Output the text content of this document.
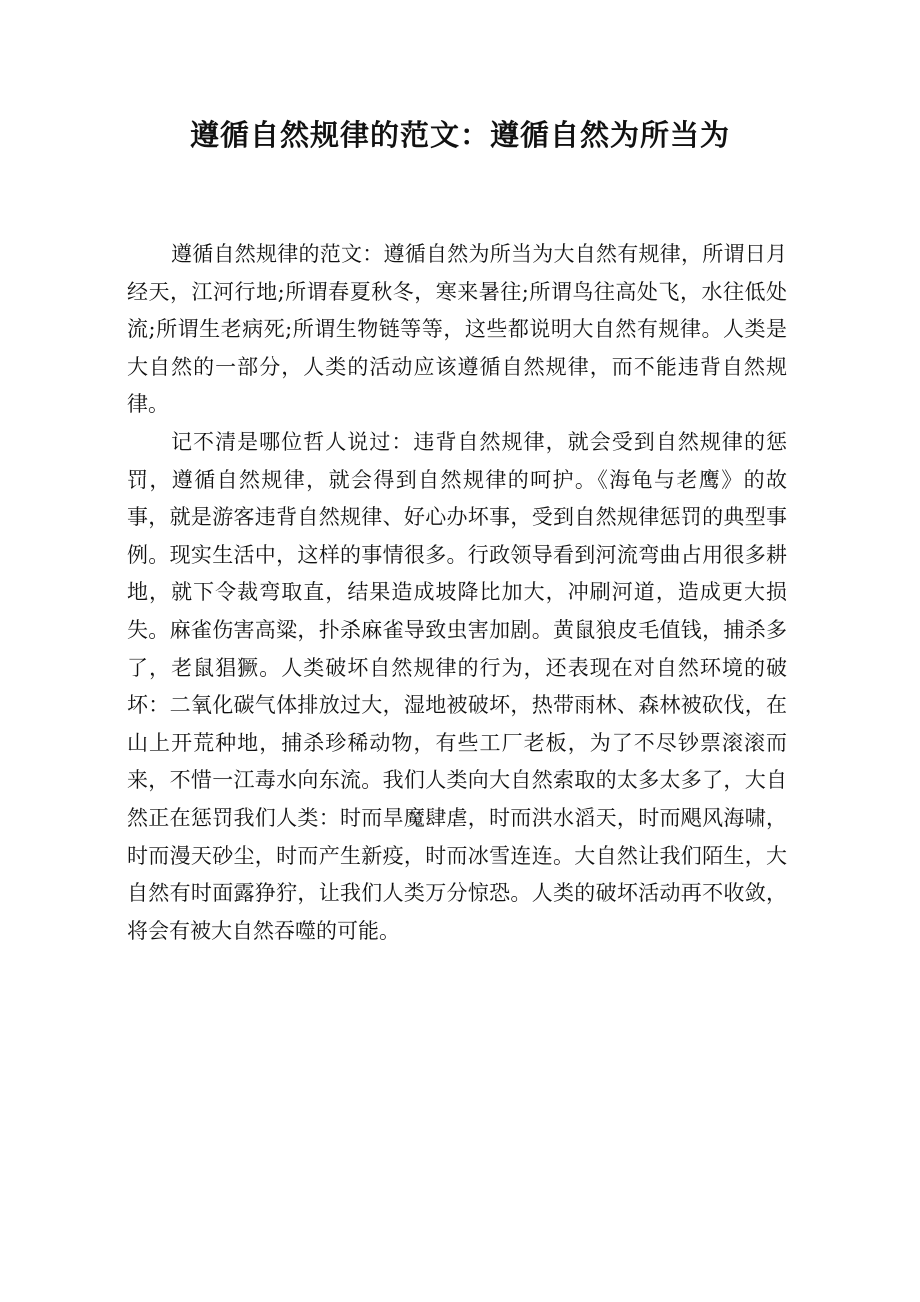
遵循自然规律的范文：遵循自然为所当为

遵循自然规律的范文：遵循自然为所当为大自然有规律，所谓日月经天，江河行地;所谓春夏秋冬，寒来暑往;所谓鸟往高处飞，水往低处流;所谓生老病死;所谓生物链等等，这些都说明大自然有规律。人类是大自然的一部分，人类的活动应该遵循自然规律，而不能违背自然规律。

记不清是哪位哲人说过：违背自然规律，就会受到自然规律的惩罚，遵循自然规律，就会得到自然规律的呵护。《海龟与老鹰》的故事，就是游客违背自然规律、好心办坏事，受到自然规律惩罚的典型事例。现实生活中，这样的事情很多。行政领导看到河流弯曲占用很多耕地，就下令裁弯取直，结果造成坡降比加大，冲刷河道，造成更大损失。麻雀伤害高粱，扑杀麻雀导致虫害加剧。黄鼠狼皮毛值钱，捕杀多了，老鼠猖獗。人类破坏自然规律的行为，还表现在对自然环境的破坏：二氧化碳气体排放过大，湿地被破坏，热带雨林、森林被砍伐，在山上开荒种地，捕杀珍稀动物，有些工厂老板，为了不尽钞票滚滚而来，不惜一江毒水向东流。我们人类向大自然索取的太多太多了，大自然正在惩罚我们人类：时而旱魔肆虐，时而洪水滔天，时而飓风海啸，时而漫天砂尘，时而产生新疫，时而冰雪连连。大自然让我们陌生，大自然有时面露狰狞，让我们人类万分惊恐。人类的破坏活动再不收敛，将会有被大自然吞噬的可能。
